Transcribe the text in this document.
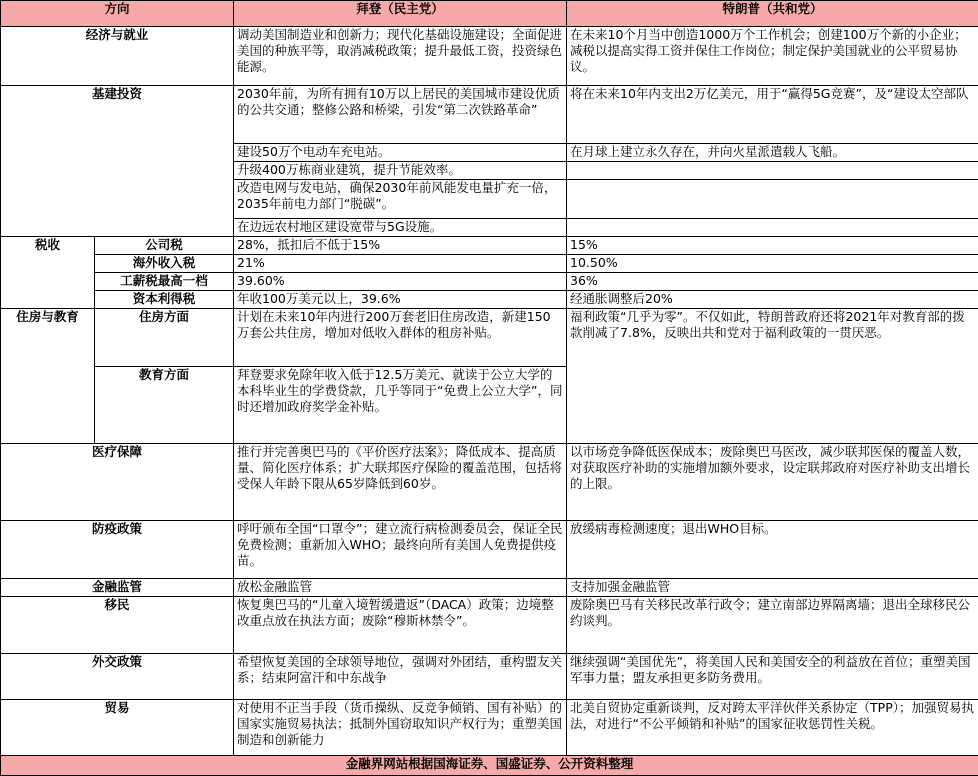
方向		拜登（民主党）	特朗普（共和党）
经济与就业		调动美国制造业和创新力；现代化基础设施建设；全面促进美国的种族平等，取消减税政策；提升最低工资，投资绿色能源。	在未来10个月当中创造1000万个工作机会；创建100万个新的小企业；减税以提高实得工资并保住工作岗位；制定保护美国就业的公平贸易协议。
基建投资		2030年前，为所有拥有10万以上居民的美国城市建设优质的公共交通；整修公路和桥梁，引发“第二次铁路革命”	将在未来10年内支出2万亿美元，用于“赢得5G竞赛”，及“建设太空部队
		建设50万个电动车充电站。	在月球上建立永久存在，并向火星派遣载人飞船。
		升级400万栋商业建筑，提升节能效率。	
		改造电网与发电站，确保2030年前风能发电量扩充一倍，2035年前电力部门“脱碳”。	
		在边远农村地区建设宽带与5G设施。	
税收	公司税	28%，抵扣后不低于15%	15%
	海外收入税	21%	10.50%
	工薪税最高一档	39.60%	36%
	资本利得税	年收100万美元以上，39.6%	经通胀调整后20%
住房与教育	住房方面	计划在未来10年内进行200万套老旧住房改造，新建150万套公共住房，增加对低收入群体的租房补贴。	福利政策“几乎为零”。不仅如此，特朗普政府还将2021年对教育部的拨款削减了7.8%，反映出共和党对于福利政策的一贯厌恶。
	教育方面	拜登要求免除年收入低于12.5万美元、就读于公立大学的本科毕业生的学费贷款，几乎等同于“免费上公立大学”，同时还增加政府奖学金补贴。	
医疗保障		推行并完善奥巴马的《平价医疗法案》；降低成本、提高质量、简化医疗体系；扩大联邦医疗保险的覆盖范围，包括将受保人年龄下限从65岁降低到60岁。	以市场竞争降低医保成本；废除奥巴马医改，减少联邦医保的覆盖人数，对获取医疗补助的实施增加额外要求，设定联邦政府对医疗补助支出增长的上限。
防疫政策		呼吁颁布全国“口罩令”；建立流行病检测委员会，保证全民免费检测；重新加入WHO；最终向所有美国人免费提供疫苗。	放缓病毒检测速度；退出WHO目标。
金融监管		放松金融监管	支持加强金融监管
移民		恢复奥巴马的“儿童入境暂缓遣返”（DACA）政策；边境整改重点放在执法方面；废除“穆斯林禁令”。	废除奥巴马有关移民改革行政令；建立南部边界隔离墙；退出全球移民公约谈判。
外交政策		希望恢复美国的全球领导地位，强调对外团结，重构盟友关系；结束阿富汗和中东战争	继续强调“美国优先”，将美国人民和美国安全的利益放在首位；重塑美国军事力量；盟友承担更多防务费用。
贸易		对使用不正当手段（货币操纵、反竞争倾销、国有补贴）的国家实施贸易执法；抵制外国窃取知识产权行为；重塑美国制造和创新能力	北美自贸协定重新谈判，反对跨太平洋伙伴关系协定（TPP）；加强贸易执法，对进行“不公平倾销和补贴”的国家征收惩罚性关税。
金融界网站根据国海证券、国盛证券、公开资料整理			
